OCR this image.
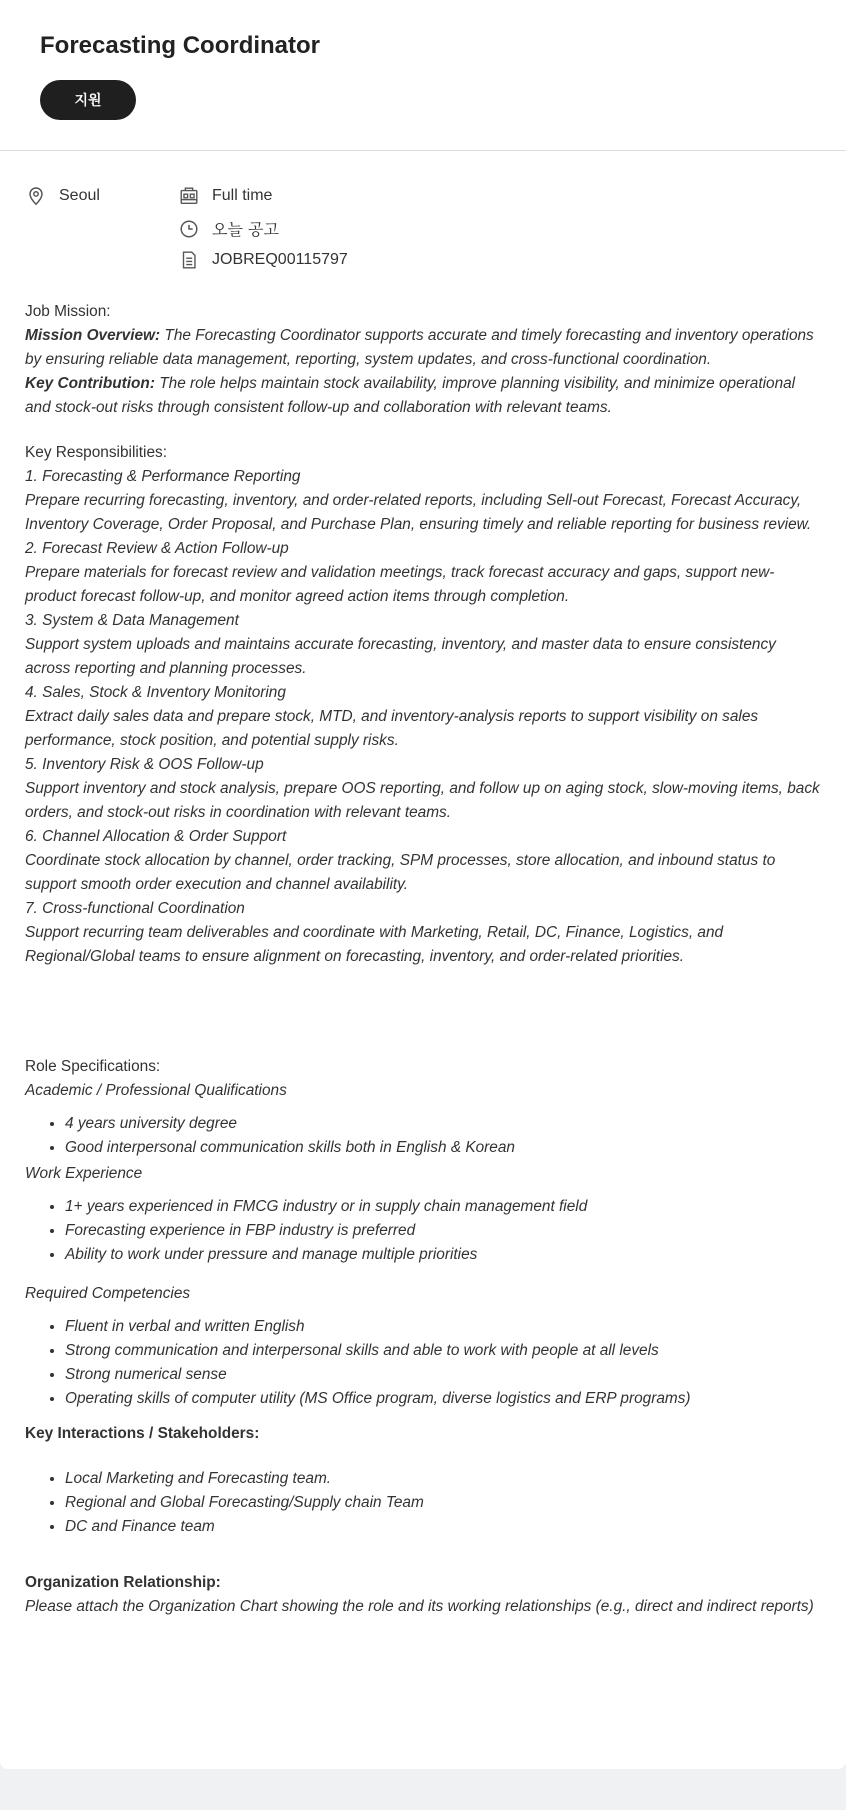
Forecasting Coordinator
지원
Seoul	Full time
오늘 공고
JOBREQ00115797

Job Mission:

Mission Overview: The Forecasting Coordinator supports accurate and timely forecasting and inventory operations by ensuring reliable data management, reporting, system updates, and cross-functional coordination.

Key Contribution: The role helps maintain stock availability, improve planning visibility, and minimize operational and stock-out risks through consistent follow-up and collaboration with relevant teams.

Key Responsibilities:

1. Forecasting & Performance Reporting

Prepare recurring forecasting, inventory, and order-related reports, including Sell-out Forecast, Forecast Accuracy, Inventory Coverage, Order Proposal, and Purchase Plan, ensuring timely and reliable reporting for business review.

2. Forecast Review & Action Follow-up

Prepare materials for forecast review and validation meetings, track forecast accuracy and gaps, support new-product forecast follow-up, and monitor agreed action items through completion.

3. System & Data Management

Support system uploads and maintains accurate forecasting, inventory, and master data to ensure consistency across reporting and planning processes.

4. Sales, Stock & Inventory Monitoring

Extract daily sales data and prepare stock, MTD, and inventory-analysis reports to support visibility on sales performance, stock position, and potential supply risks.

5. Inventory Risk & OOS Follow-up

Support inventory and stock analysis, prepare OOS reporting, and follow up on aging stock, slow-moving items, back orders, and stock-out risks in coordination with relevant teams.

6. Channel Allocation & Order Support

Coordinate stock allocation by channel, order tracking, SPM processes, store allocation, and inbound status to support smooth order execution and channel availability.

7. Cross-functional Coordination

Support recurring team deliverables and coordinate with Marketing, Retail, DC, Finance, Logistics, and Regional/Global teams to ensure alignment on forecasting, inventory, and order-related priorities.

Role Specifications:

Academic / Professional Qualifications

• 4 years university degree
• Good interpersonal communication skills both in English & Korean

Work Experience

• 1+ years experienced in FMCG industry or in supply chain management field
• Forecasting experience in FBP industry is preferred
• Ability to work under pressure and manage multiple priorities

Required Competencies

• Fluent in verbal and written English
• Strong communication and interpersonal skills and able to work with people at all levels
• Strong numerical sense
• Operating skills of computer utility (MS Office program, diverse logistics and ERP programs)

Key Interactions / Stakeholders:

• Local Marketing and Forecasting team.
• Regional and Global Forecasting/Supply chain Team
• DC and Finance team

Organization Relationship:

Please attach the Organization Chart showing the role and its working relationships (e.g., direct and indirect reports)
